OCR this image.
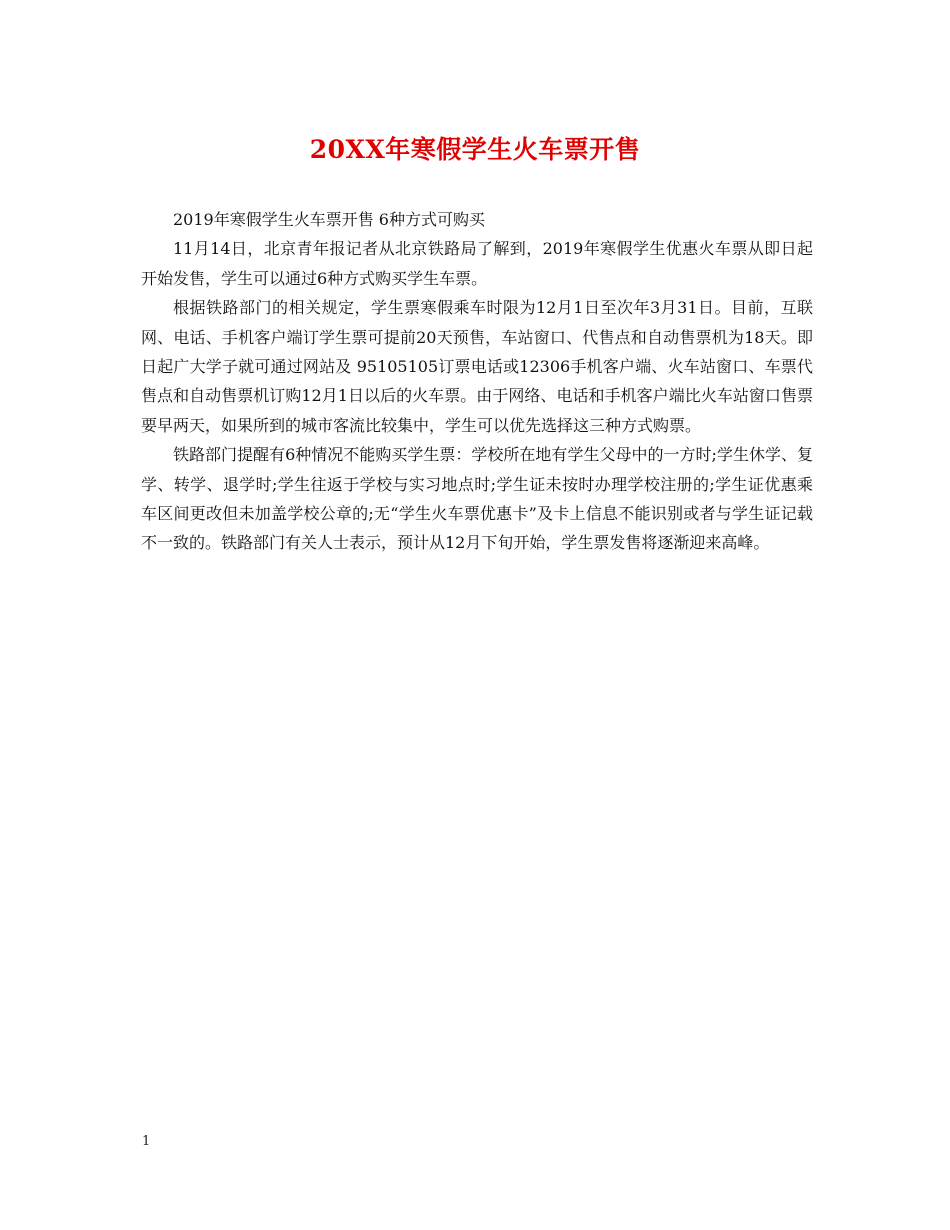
20XX年寒假学生火车票开售

2019年寒假学生火车票开售 6种方式可购买

11月14日，北京青年报记者从北京铁路局了解到，2019年寒假学生优惠火车票从即日起开始发售，学生可以通过6种方式购买学生车票。

根据铁路部门的相关规定，学生票寒假乘车时限为12月1日至次年3月31日。目前，互联网、电话、手机客户端订学生票可提前20天预售，车站窗口、代售点和自动售票机为18天。即日起广大学子就可通过网站及 95105105订票电话或12306手机客户端、火车站窗口、车票代售点和自动售票机订购12月1日以后的火车票。由于网络、电话和手机客户端比火车站窗口售票要早两天，如果所到的城市客流比较集中，学生可以优先选择这三种方式购票。

铁路部门提醒有6种情况不能购买学生票：学校所在地有学生父母中的一方时;学生休学、复学、转学、退学时;学生往返于学校与实习地点时;学生证未按时办理学校注册的;学生证优惠乘车区间更改但未加盖学校公章的;无“学生火车票优惠卡”及卡上信息不能识别或者与学生证记载不一致的。铁路部门有关人士表示，预计从12月下旬开始，学生票发售将逐渐迎来高峰。

1
